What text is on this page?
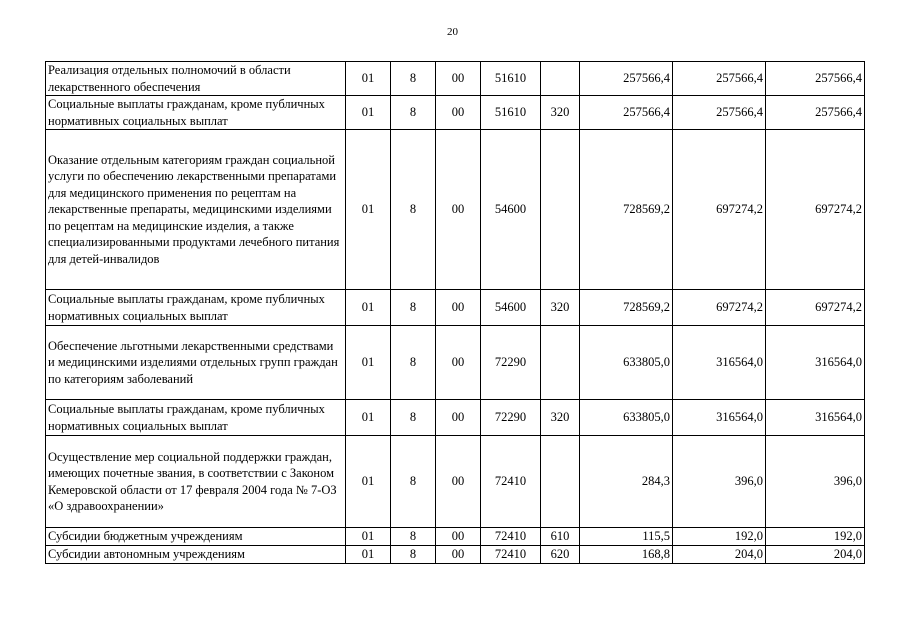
20
Реализация отдельных полномочий в области лекарственного обеспечения	01	8	00	51610		257566,4	257566,4	257566,4
Социальные выплаты гражданам, кроме публичных нормативных социальных выплат	01	8	00	51610	320	257566,4	257566,4	257566,4
Оказание отдельным категориям граждан социальной услуги по обеспечению лекарственными препаратами для медицинского применения по рецептам на лекарственные препараты, медицинскими изделиями по рецептам на медицинские изделия, а также специализированными продуктами лечебного питания для детей-инвалидов	01	8	00	54600		728569,2	697274,2	697274,2
Социальные выплаты гражданам, кроме публичных нормативных социальных выплат	01	8	00	54600	320	728569,2	697274,2	697274,2
Обеспечение льготными лекарственными средствами и медицинскими изделиями отдельных групп граждан по категориям заболеваний	01	8	00	72290		633805,0	316564,0	316564,0
Социальные выплаты гражданам, кроме публичных нормативных социальных выплат	01	8	00	72290	320	633805,0	316564,0	316564,0
Осуществление мер социальной поддержки граждан, имеющих почетные звания, в соответствии с Законом Кемеровской области от 17 февраля 2004 года № 7-ОЗ «О здравоохранении»	01	8	00	72410		284,3	396,0	396,0
Субсидии бюджетным учреждениям	01	8	00	72410	610	115,5	192,0	192,0
Субсидии автономным учреждениям	01	8	00	72410	620	168,8	204,0	204,0
